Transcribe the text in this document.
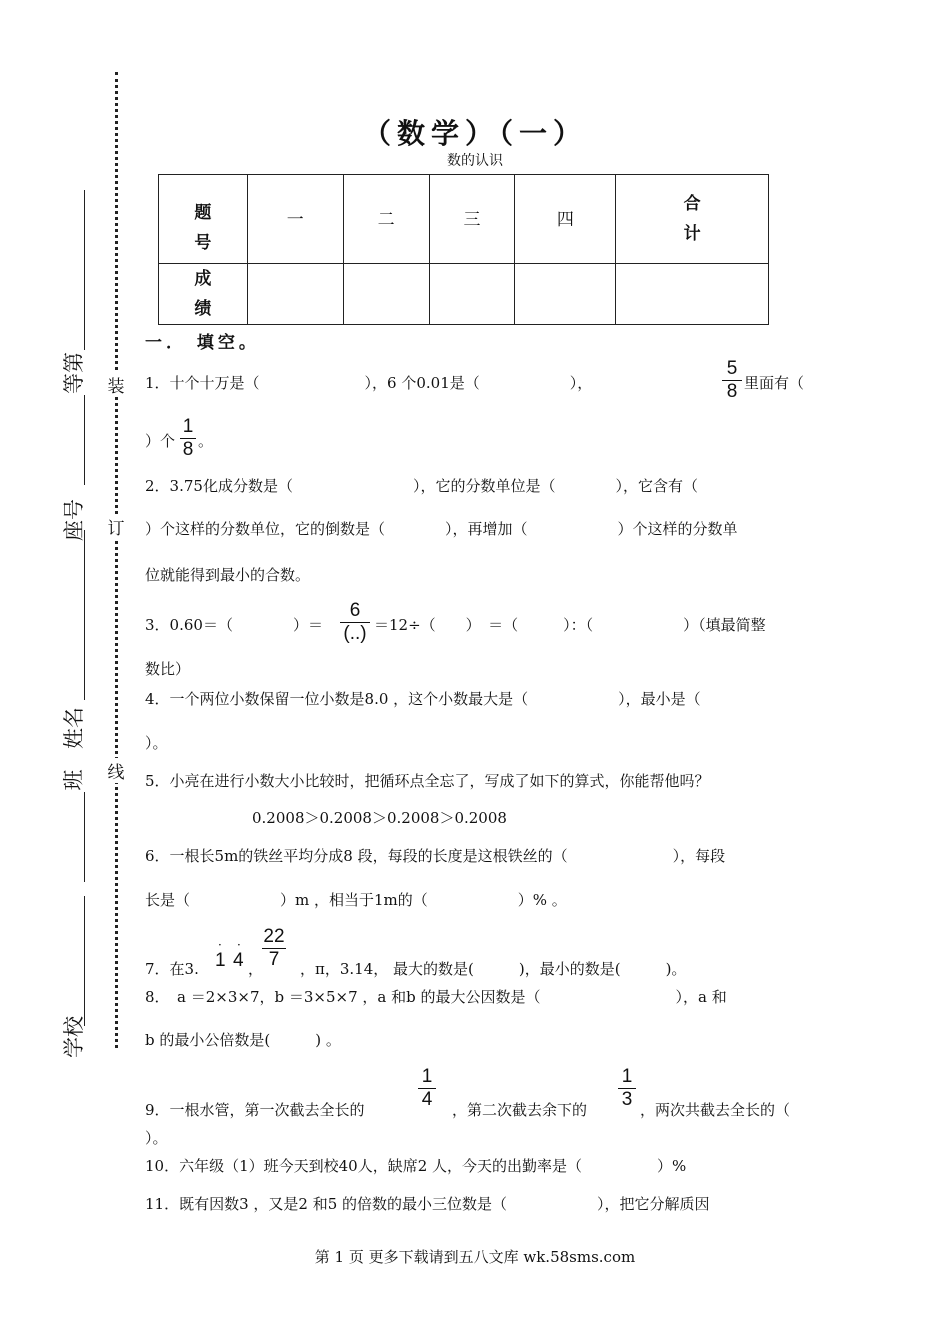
装
订
线
等第
座号
姓名
班
学校
（数学）（一）
数的认识
题号	一	二	三	四	合计

成绩					

一． 填空。
1．十个十万是（　　　　　　　），6 个0.01是（　　　　　　），	$\frac{5}{8}$ 里面有（
）个 $\frac{1}{8}$ 。
2．3.75化成分数是（　　　　　　　　），它的分数单位是（　　　　），它含有（
）个这样的分数单位，它的倒数是（　　　　），再增加（　　　　　　）个这样的分数单
位就能得到最小的合数。
3．0.60＝（　　　　）＝
6
(..) ＝12÷（　　）　＝（　　　）：（　　　　　　）（填最简整
数比）
4．一个两位小数保留一位小数是8.0 ，这个小数最大是（　　　　　　），最小是（
）。
5．小亮在进行小数大小比较时，把循环点全忘了，写成了如下的算式，你能帮他吗？
0.2008＞0.2008＞0.2008＞0.2008
6．一根长5m的铁丝平均分成8 段，每段的长度是这根铁丝的（　　　　　　　），每段
长是（　　　　　　）m ，相当于1m的（　　　　　　）% 。
7．在3. 1
·
4
·
，
$\frac{22}{7}$ ，π，3.14， 最大的数是(　　　)，最小的数是(　　　)。
8．　a ＝2×3×7，b ＝3×5×7 ，a 和b 的最大公因数是（　　　　　　　　　），a 和
b 的最小公倍数是(　　　) 。
9．一根水管，第一次截去全长的	$\frac{1}{4}$ ，第二次截去余下的 $\frac{1}{3}$ ，两次共截去全长的（
）。
10．六年级（1）班今天到校40人，缺席2 人，今天的出勤率是（　　　　　）%
11．既有因数3 ，又是2 和5 的倍数的最小三位数是（　　　　　　），把它分解质因
第 1 页 更多下载请到五八文库 wk.58sms.com
